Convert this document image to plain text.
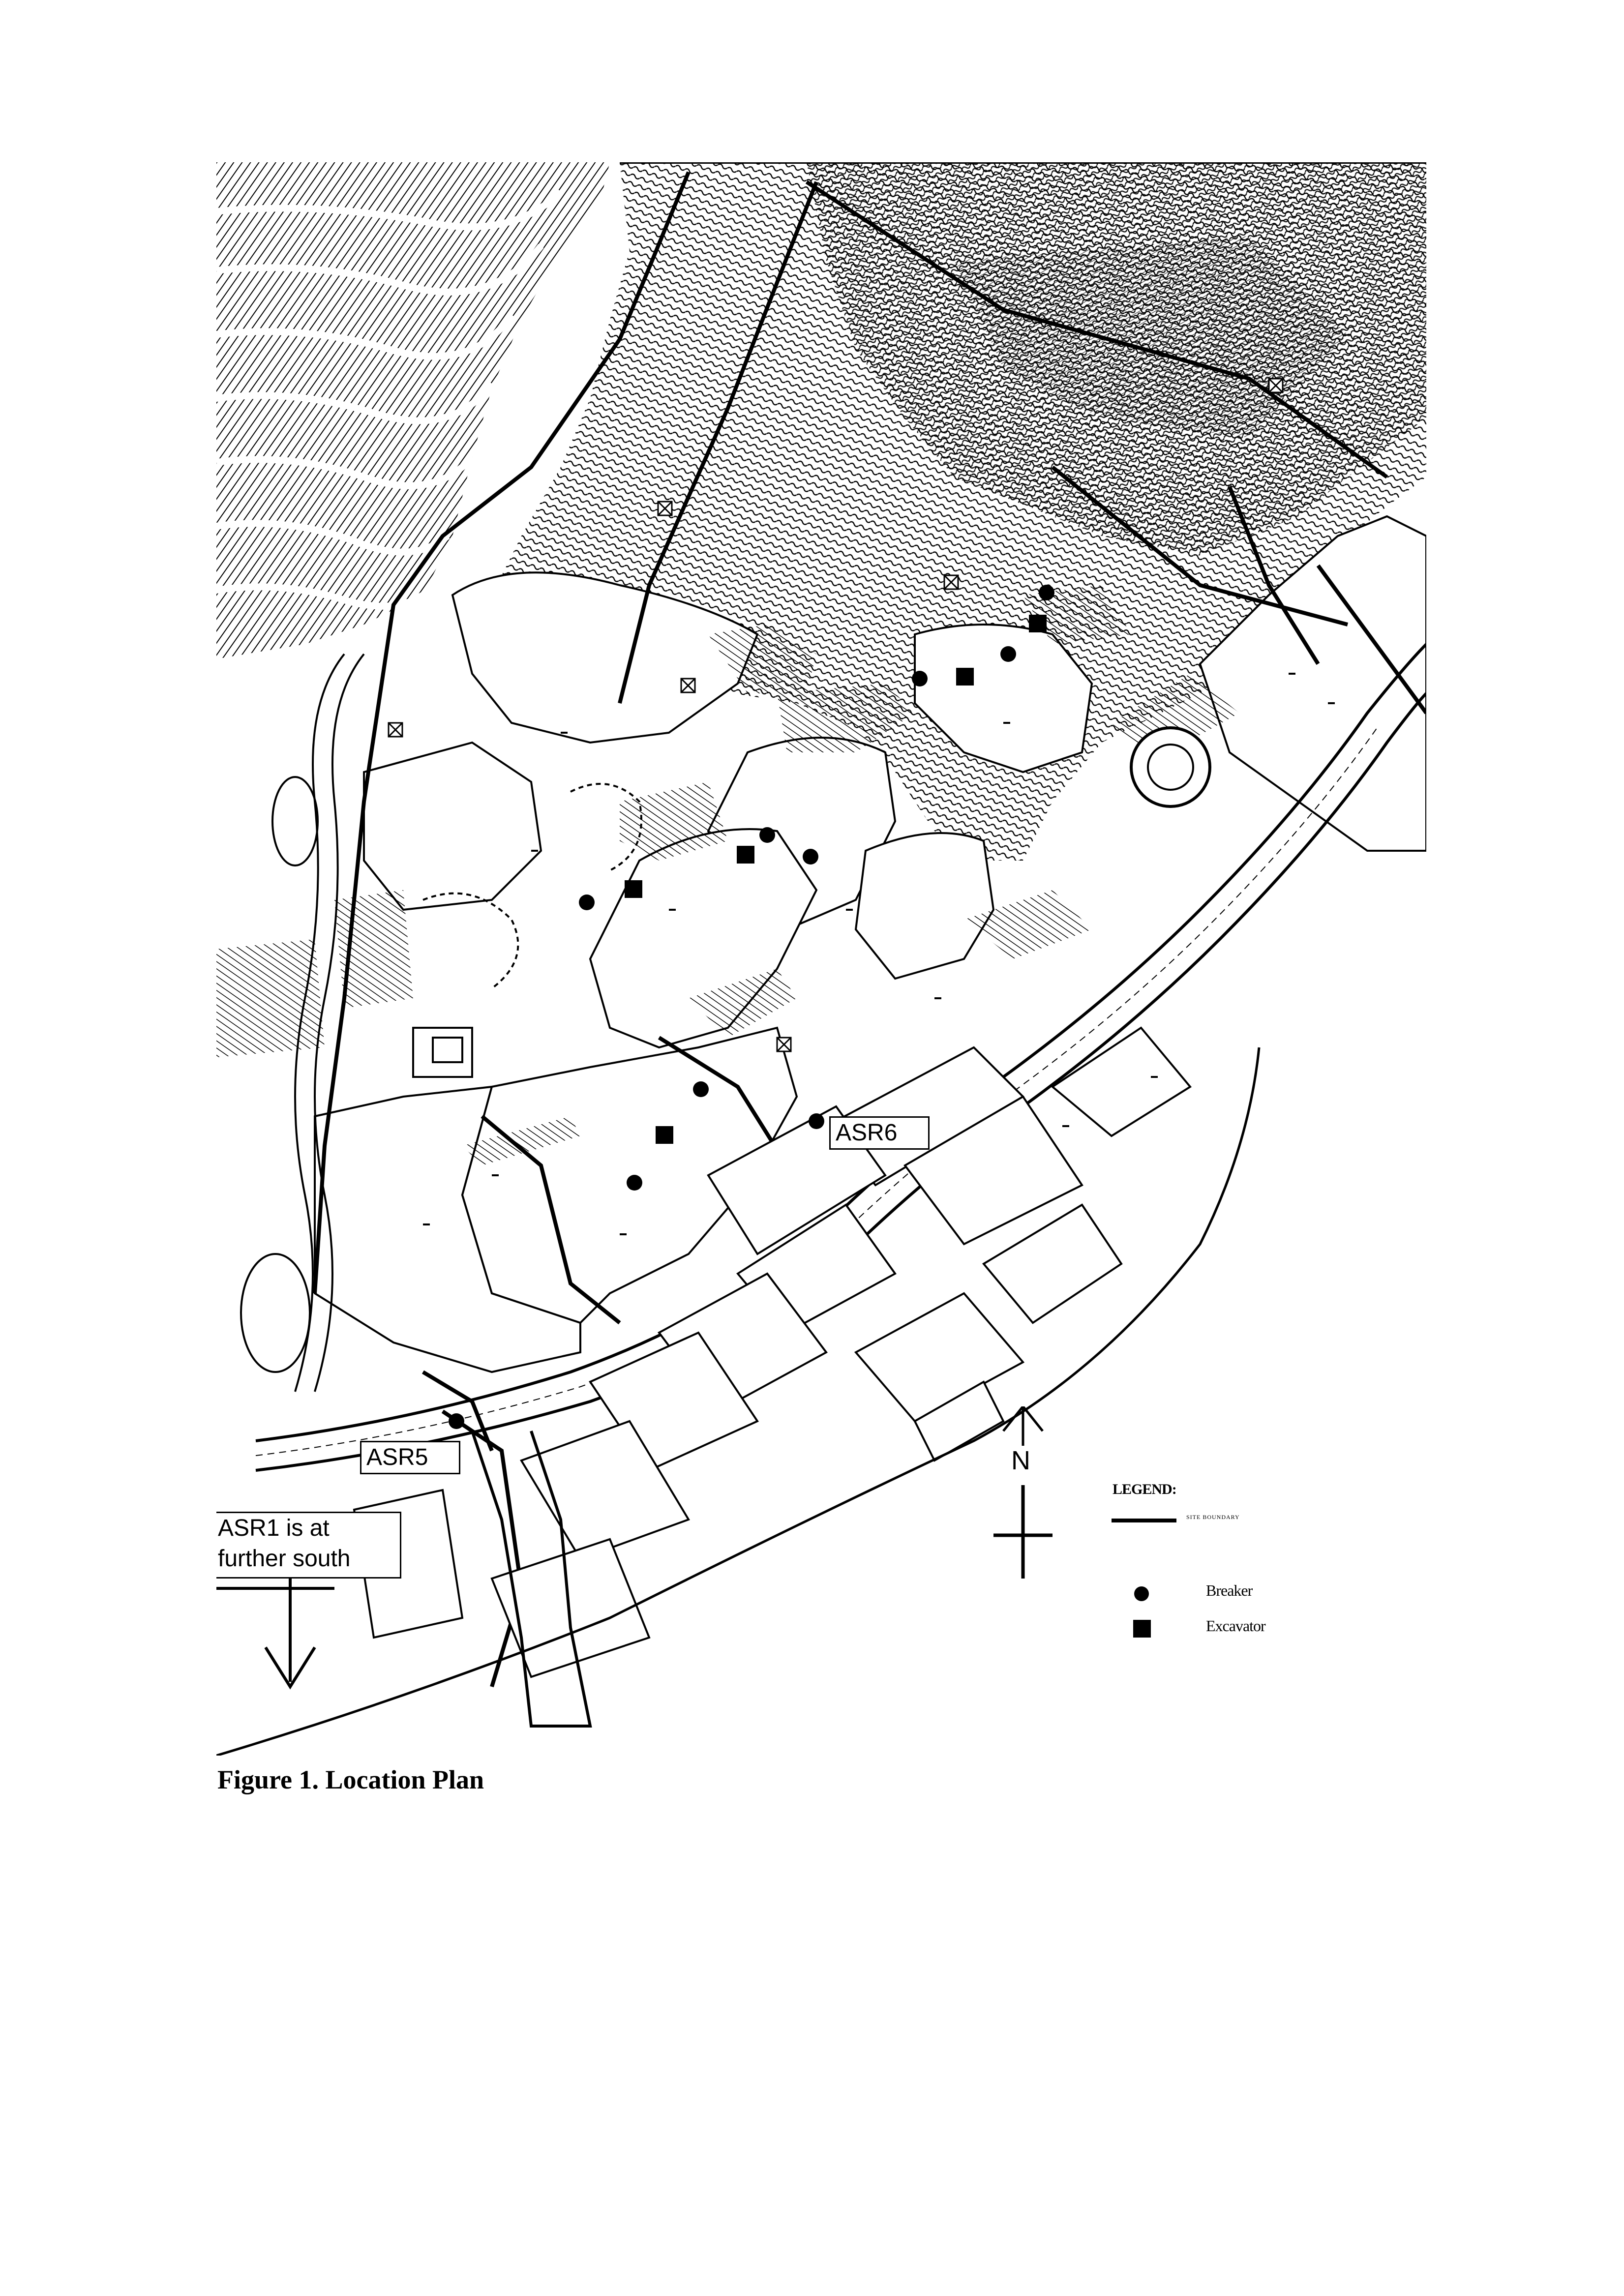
ASR6
ASR5
ASR1 is at
further south
N
LEGEND:
SITE BOUNDARY
Breaker
Excavator
Figure 1. Location Plan
